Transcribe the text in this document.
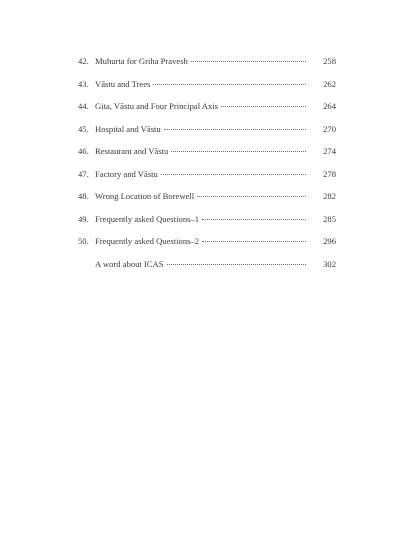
42. Muhurta for Griha Pravesh	258
43. Vāstu and Trees	262
44. Gita, Vāstu and Four Principal Axis	264
45. Hospital and Vāstu	270
46. Restaurant and Vāstu	274
47. Factory and Vāstu	278
48. Wrong Location of Borewell	282
49. Frequently asked Questions–1	285
50. Frequently asked Questions–2	296
A word about ICAS	302
